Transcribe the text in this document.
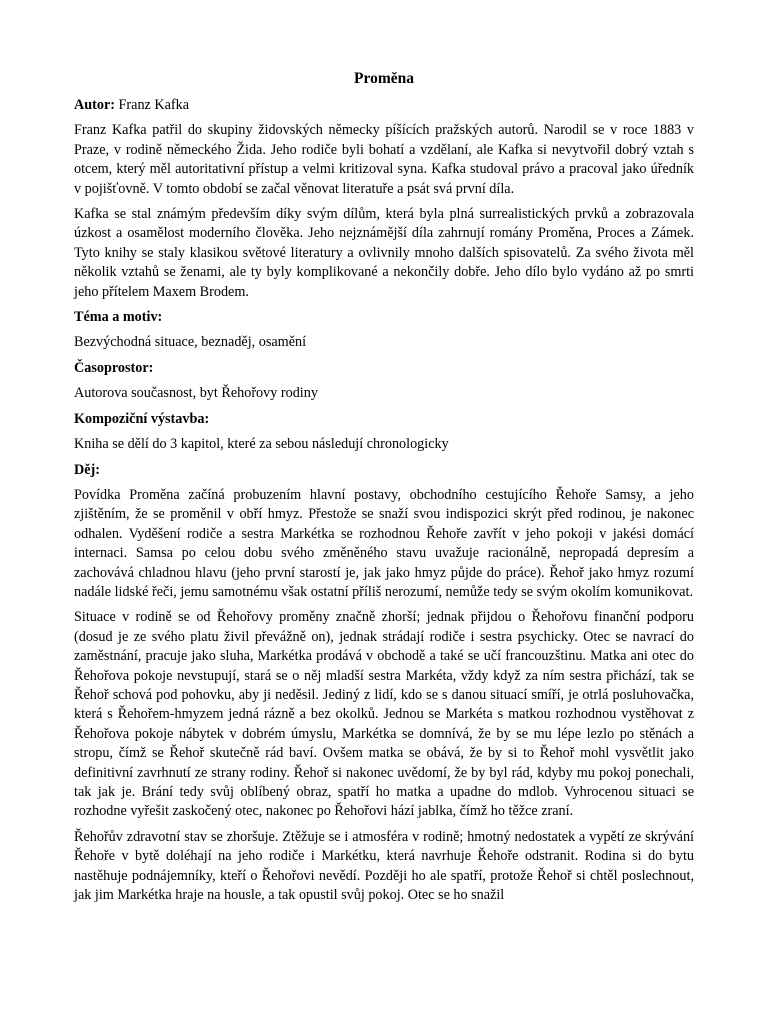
Proměna

Autor: Franz Kafka

Franz Kafka patřil do skupiny židovských německy píšících pražských autorů. Narodil se v roce 1883 v Praze, v rodině německého Žida. Jeho rodiče byli bohatí a vzdělaní, ale Kafka si nevytvořil dobrý vztah s otcem, který měl autoritativní přístup a velmi kritizoval syna. Kafka studoval právo a pracoval jako úředník v pojišťovně. V tomto období se začal věnovat literatuře a psát svá první díla.

Kafka se stal známým především díky svým dílům, která byla plná surrealistických prvků a zobrazovala úzkost a osamělost moderního člověka. Jeho nejznámější díla zahrnují romány Proměna, Proces a Zámek. Tyto knihy se staly klasikou světové literatury a ovlivnily mnoho dalších spisovatelů. Za svého života měl několik vztahů se ženami, ale ty byly komplikované a nekončily dobře. Jeho dílo bylo vydáno až po smrti jeho přítelem Maxem Brodem.

Téma a motiv:

Bezvýchodná situace, beznaděj, osamění

Časoprostor:

Autorova současnost, byt Řehořovy rodiny

Kompoziční výstavba:

Kniha se dělí do 3 kapitol, které za sebou následují chronologicky

Děj:

Povídka Proměna začíná probuzením hlavní postavy, obchodního cestujícího Řehoře Samsy, a jeho zjištěním, že se proměnil v obří hmyz. Přestože se snaží svou indispozici skrýt před rodinou, je nakonec odhalen. Vyděšení rodiče a sestra Markétka se rozhodnou Řehoře zavřít v jeho pokoji v jakési domácí internaci. Samsa po celou dobu svého změněného stavu uvažuje racionálně, nepropadá depresím a zachovává chladnou hlavu (jeho první starostí je, jak jako hmyz půjde do práce). Řehoř jako hmyz rozumí nadále lidské řeči, jemu samotnému však ostatní příliš nerozumí, nemůže tedy se svým okolím komunikovat.

Situace v rodině se od Řehořovy proměny značně zhorší; jednak přijdou o Řehořovu finanční podporu (dosud je ze svého platu živil převážně on), jednak strádají rodiče i sestra psychicky. Otec se navrací do zaměstnání, pracuje jako sluha, Markétka prodává v obchodě a také se učí francouzštinu. Matka ani otec do Řehořova pokoje nevstupují, stará se o něj mladší sestra Markéta, vždy když za ním sestra přichází, tak se Řehoř schová pod pohovku, aby ji neděsil. Jediný z lidí, kdo se s danou situací smíří, je otrlá posluhovačka, která s Řehořem-hmyzem jedná rázně a bez okolků. Jednou se Markéta s matkou rozhodnou vystěhovat z Řehořova pokoje nábytek v dobrém úmyslu, Markétka se domnívá, že by se mu lépe lezlo po stěnách a stropu, čímž se Řehoř skutečně rád baví. Ovšem matka se obává, že by si to Řehoř mohl vysvětlit jako definitivní zavrhnutí ze strany rodiny. Řehoř si nakonec uvědomí, že by byl rád, kdyby mu pokoj ponechali, tak jak je. Brání tedy svůj oblíbený obraz, spatří ho matka a upadne do mdlob. Vyhrocenou situaci se rozhodne vyřešit zaskočený otec, nakonec po Řehořovi hází jablka, čímž ho těžce zraní.

Řehořův zdravotní stav se zhoršuje. Ztěžuje se i atmosféra v rodině; hmotný nedostatek a vypětí ze skrývání Řehoře v bytě doléhají na jeho rodiče i Markétku, která navrhuje Řehoře odstranit. Rodina si do bytu nastěhuje podnájemníky, kteří o Řehořovi nevědí. Později ho ale spatří, protože Řehoř si chtěl poslechnout, jak jim Markétka hraje na housle, a tak opustil svůj pokoj. Otec se ho snažil
